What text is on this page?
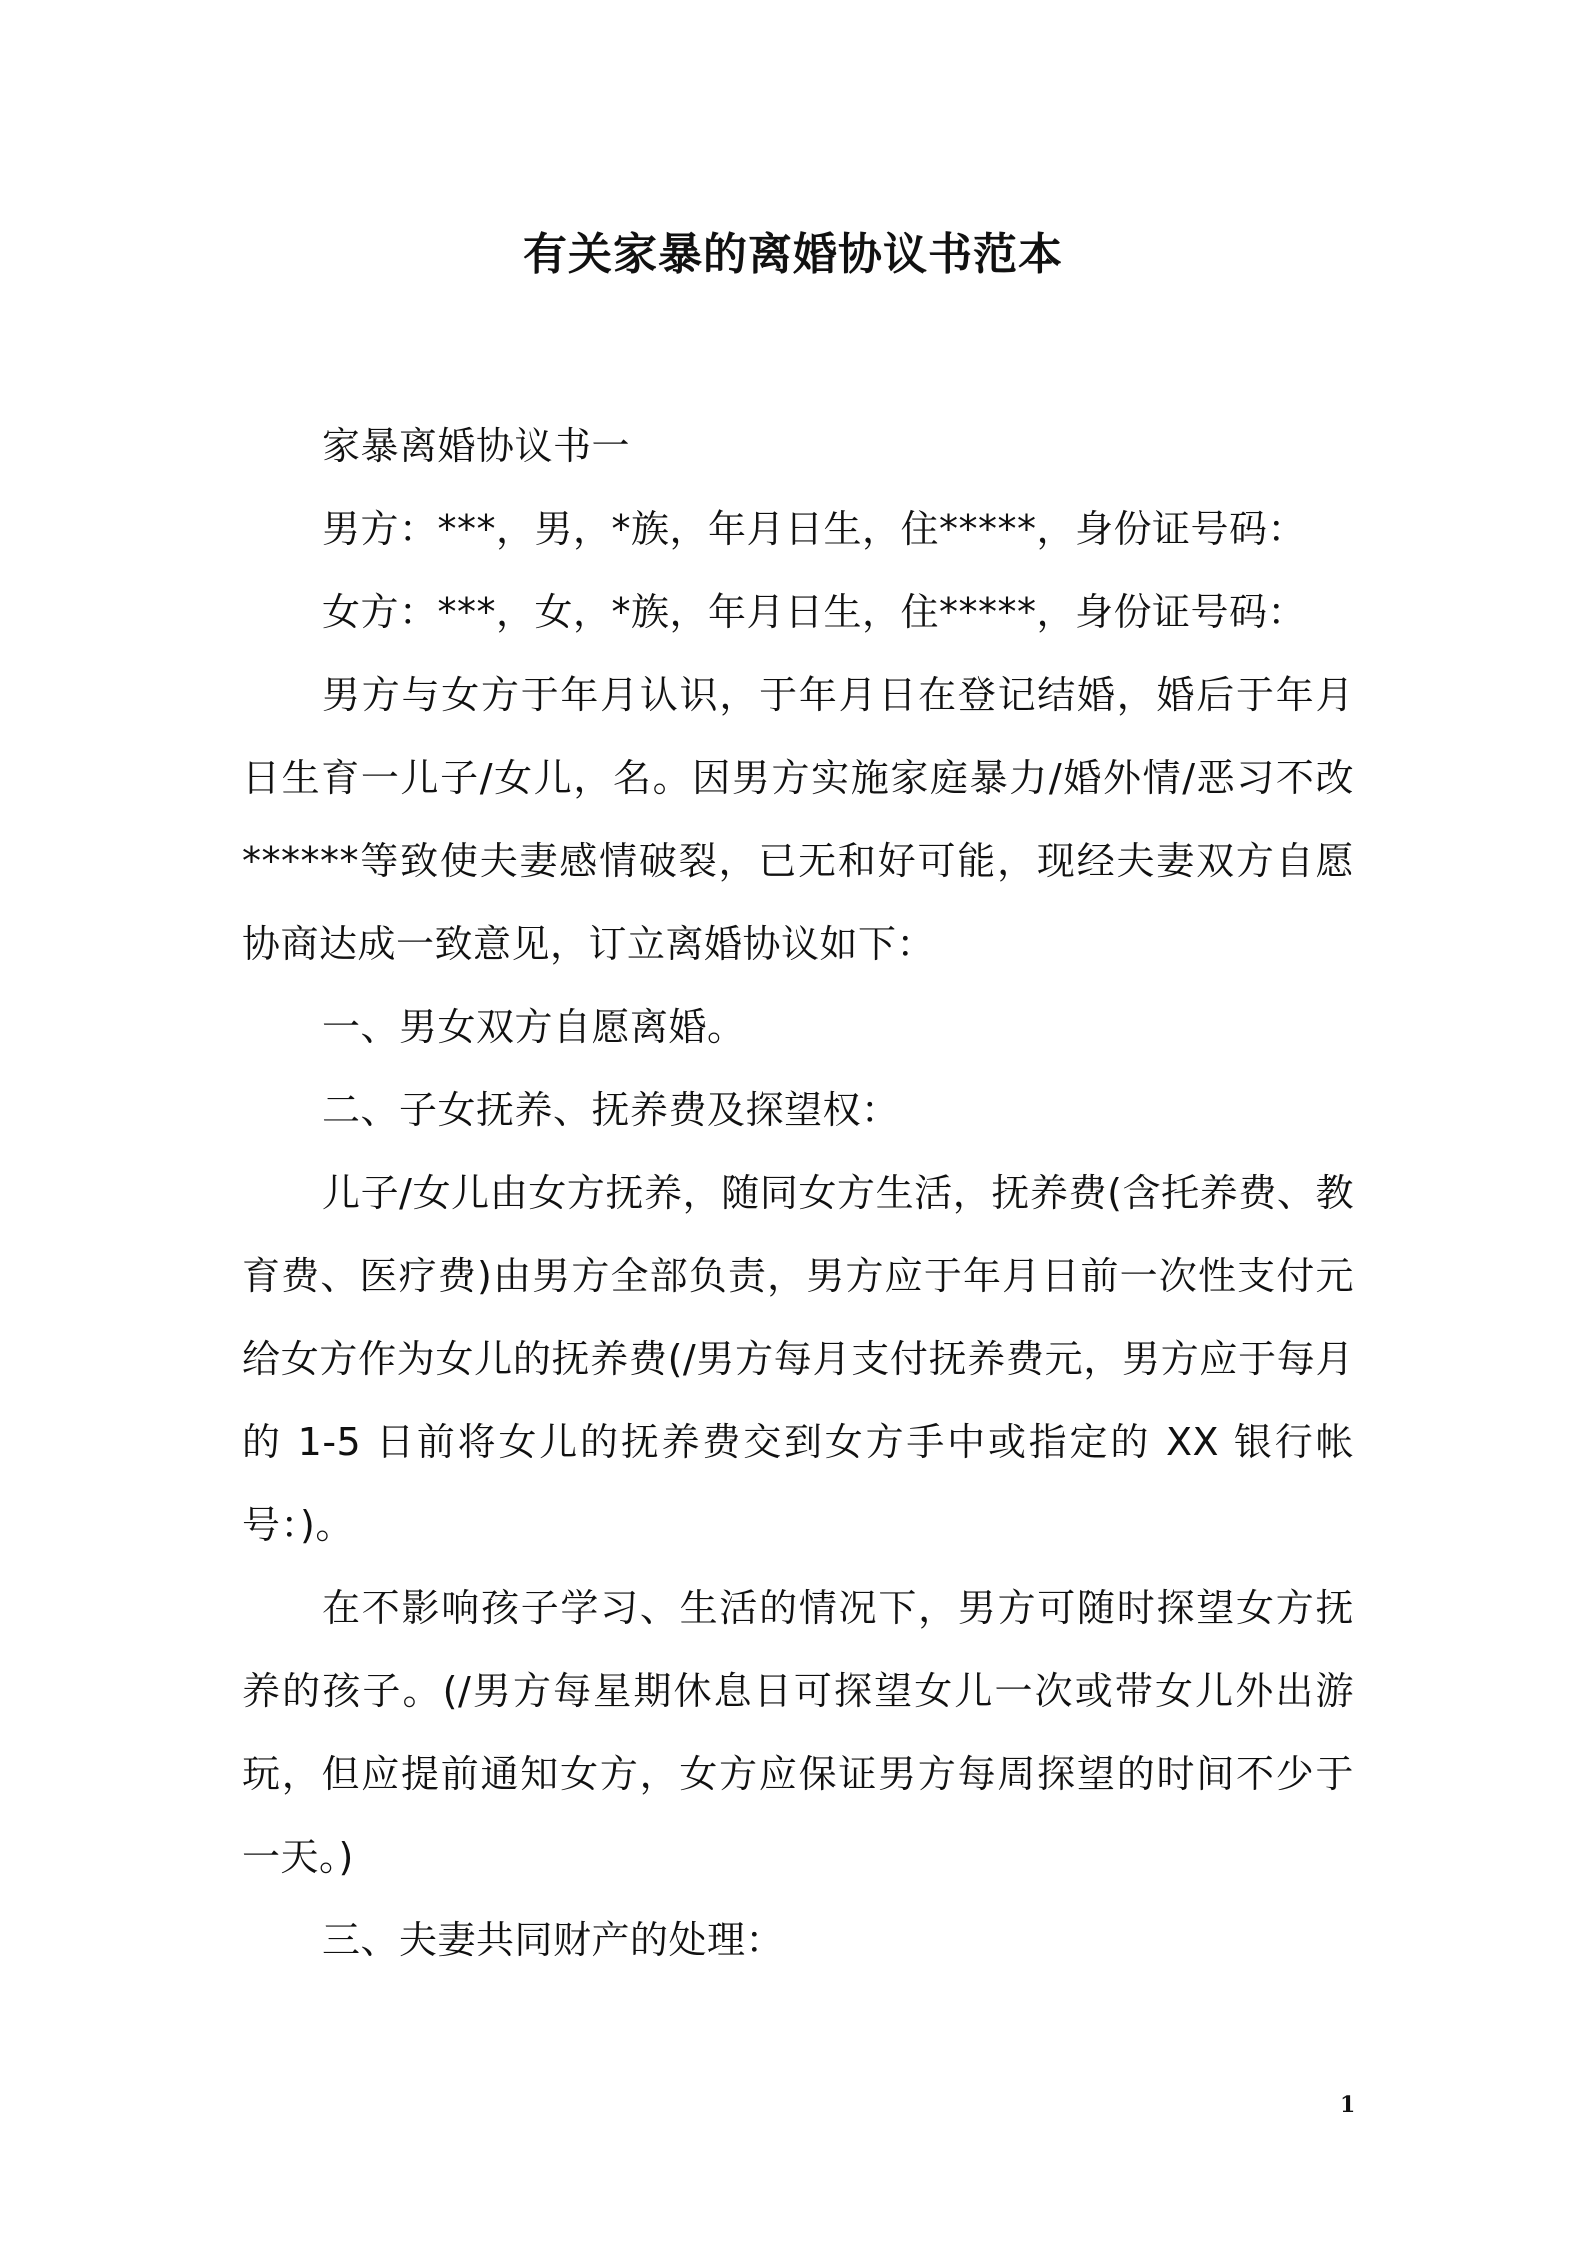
有关家暴的离婚协议书范本

家暴离婚协议书一

男方：***，男，*族，年月日生，住*****，身份证号码：

女方：***，女，*族，年月日生，住*****，身份证号码：

男方与女方于年月认识，于年月日在登记结婚，婚后于年月日生育一儿子/女儿，名。因男方实施家庭暴力/婚外情/恶习不改******等致使夫妻感情破裂，已无和好可能，现经夫妻双方自愿协商达成一致意见，订立离婚协议如下：

一、男女双方自愿离婚。

二、子女抚养、抚养费及探望权：

儿子/女儿由女方抚养，随同女方生活，抚养费(含托养费、教育费、医疗费)由男方全部负责，男方应于年月日前一次性支付元给女方作为女儿的抚养费(/男方每月支付抚养费元，男方应于每月的 1-5 日前将女儿的抚养费交到女方手中或指定的 XX 银行帐号：)。

在不影响孩子学习、生活的情况下，男方可随时探望女方抚养的孩子。(/男方每星期休息日可探望女儿一次或带女儿外出游玩，但应提前通知女方，女方应保证男方每周探望的时间不少于一天。)

三、夫妻共同财产的处理：

1
